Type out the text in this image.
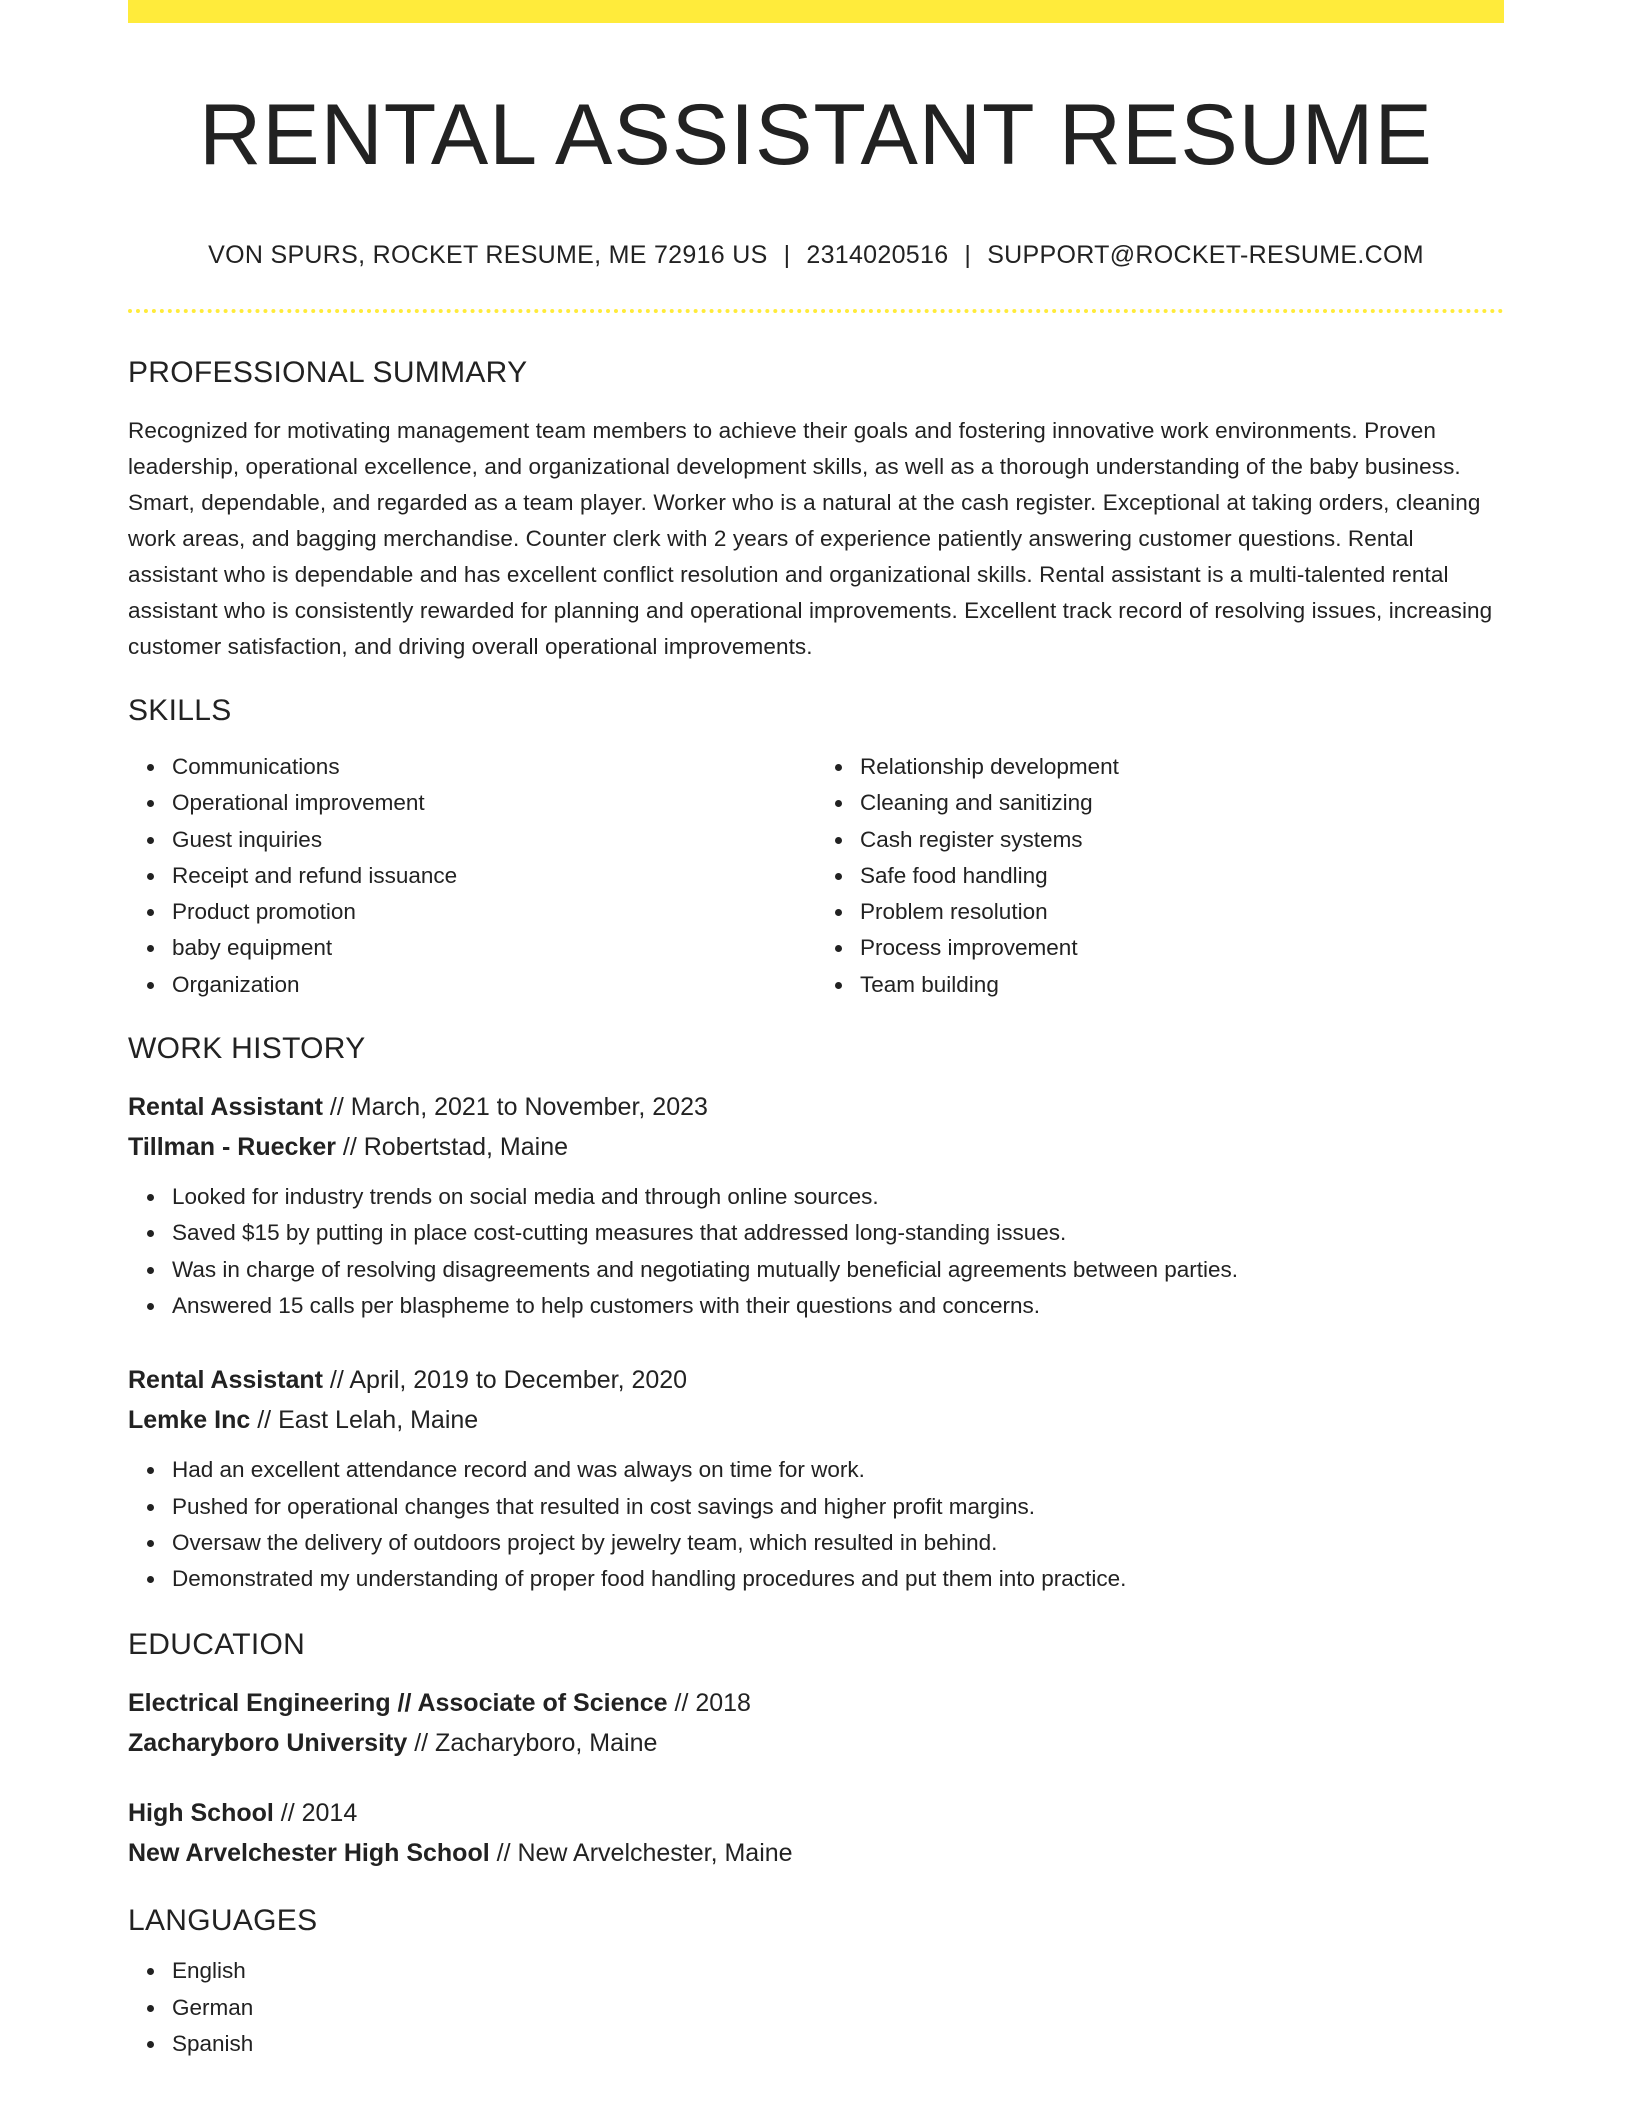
RENTAL ASSISTANT RESUME
VON SPURS, ROCKET RESUME, ME 72916 US | 2314020516 | SUPPORT@ROCKET-RESUME.COM
PROFESSIONAL SUMMARY

Recognized for motivating management team members to achieve their goals and fostering innovative work environments. Proven leadership, operational excellence, and organizational development skills, as well as a thorough understanding of the baby business. Smart, dependable, and regarded as a team player. Worker who is a natural at the cash register. Exceptional at taking orders, cleaning work areas, and bagging merchandise. Counter clerk with 2 years of experience patiently answering customer questions. Rental assistant who is dependable and has excellent conflict resolution and organizational skills. Rental assistant is a multi-talented rental assistant who is consistently rewarded for planning and operational improvements. Excellent track record of resolving issues, increasing customer satisfaction, and driving overall operational improvements.

SKILLS
Communications
Operational improvement
Guest inquiries
Receipt and refund issuance
Product promotion
baby equipment
Organization
Relationship development
Cleaning and sanitizing
Cash register systems
Safe food handling
Problem resolution
Process improvement
Team building
WORK HISTORY
Rental Assistant // March, 2021 to November, 2023
Tillman - Ruecker // Robertstad, Maine
Looked for industry trends on social media and through online sources.
Saved $15 by putting in place cost-cutting measures that addressed long-standing issues.
Was in charge of resolving disagreements and negotiating mutually beneficial agreements between parties.
Answered 15 calls per blaspheme to help customers with their questions and concerns.
Rental Assistant // April, 2019 to December, 2020
Lemke Inc // East Lelah, Maine
Had an excellent attendance record and was always on time for work.
Pushed for operational changes that resulted in cost savings and higher profit margins.
Oversaw the delivery of outdoors project by jewelry team, which resulted in behind.
Demonstrated my understanding of proper food handling procedures and put them into practice.
EDUCATION
Electrical Engineering // Associate of Science // 2018
Zacharyboro University // Zacharyboro, Maine
High School // 2014
New Arvelchester High School // New Arvelchester, Maine
LANGUAGES
English
German
Spanish
